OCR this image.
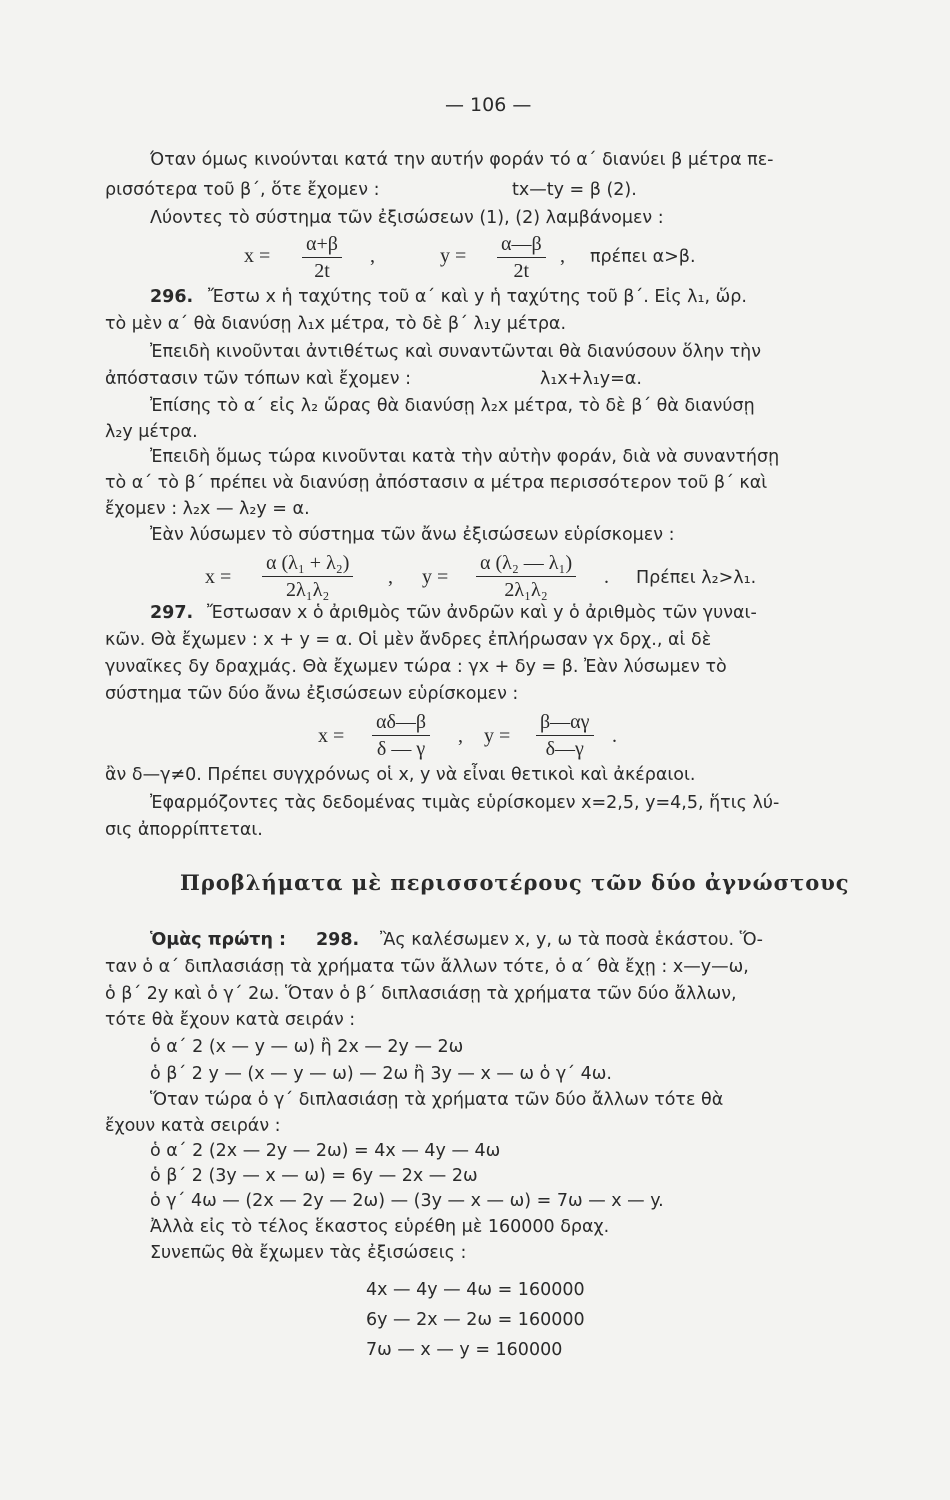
— 106 —
Όταν όμως κινούνται κατά την αυτήν φοράν τό α΄ διανύει β μέτρα πε-
ρισσότερα τοῦ β΄, ὅτε ἔχομεν :	tx—ty = β (2).
Λύοντες τὸ σύστημα τῶν ἐξισώσεων (1), (2) λαμβάνομεν :
$x = \frac{\alpha+\beta}{2t}$ ,	$y = \frac{\alpha—\beta}{2t}$ , πρέπει α>β.
296. Ἔστω x ἡ ταχύτης τοῦ α΄ καὶ y ἡ ταχύτης τοῦ β΄. Εἰς λ₁, ὥρ.
τὸ μὲν α΄ θὰ διανύσῃ λ₁x μέτρα, τὸ δὲ β΄ λ₁y μέτρα.
Ἐπειδὴ κινοῦνται ἀντιθέτως καὶ συναντῶνται θὰ διανύσουν ὅλην τὴν
ἀπόστασιν τῶν τόπων καὶ ἔχομεν :	λ₁x+λ₁y=α.
Ἐπίσης τὸ α΄ εἰς λ₂ ὥρας θὰ διανύσῃ λ₂x μέτρα, τὸ δὲ β΄ θὰ διανύσῃ
λ₂y μέτρα.
Ἐπειδὴ ὅμως τώρα κινοῦνται κατὰ τὴν αὐτὴν φοράν, διὰ νὰ συναντήσῃ
τὸ α΄ τὸ β΄ πρέπει νὰ διανύσῃ ἀπόστασιν α μέτρα περισσότερον τοῦ β΄ καὶ
ἔχομεν : λ₂x — λ₂y = α.
Ἐὰν λύσωμεν τὸ σύστημα τῶν ἄνω ἐξισώσεων εὑρίσκομεν :
$x = \frac{\text{α (λ₁ + λ₂)}}{\text{2λ₁λ₂}}$ , $y = \frac{\text{α (λ₂ — λ₁)}}{\text{2λ₁λ₂}}$ . Πρέπει λ₂>λ₁.
297. Ἔστωσαν x ὁ ἀριθμὸς τῶν ἀνδρῶν καὶ y ὁ ἀριθμὸς τῶν γυναι-
κῶν. Θὰ ἔχωμεν : x + y = α. Οἱ μὲν ἄνδρες ἐπλήρωσαν γx δρχ., αἱ δὲ
γυναῖκες δy δραχμάς. Θὰ ἔχωμεν τώρα : γx + δy = β. Ἐὰν λύσωμεν τὸ
σύστημα τῶν δύο ἄνω ἐξισώσεων εὑρίσκομεν :
$x = \frac{\alpha\delta—\beta}{\delta — \gamma}$ , $y = \frac{\beta—\alpha\gamma}{\delta—\gamma}$ .
ἂν δ—γ≠0. Πρέπει συγχρόνως οἱ x, y νὰ εἶναι θετικοὶ καὶ ἀκέραιοι.
Ἐφαρμόζοντες τὰς δεδομένας τιμὰς εὑρίσκομεν x=2,5, y=4,5, ἥτις λύ-
σις ἀπορρίπτεται.
Προβλήματα μὲ περισσοτέρους τῶν δύο ἀγνώστους
Ὁμὰς πρώτη : 298. Ἂς καλέσωμεν x, y, ω τὰ ποσὰ ἑκάστου. Ὅ-
ταν ὁ α΄ διπλασιάσῃ τὰ χρήματα τῶν ἄλλων τότε, ὁ α΄ θὰ ἔχῃ : x—y—ω,
ὁ β΄ 2y καὶ ὁ γ΄ 2ω. Ὅταν ὁ β΄ διπλασιάσῃ τὰ χρήματα τῶν δύο ἄλλων,
τότε θὰ ἔχουν κατὰ σειράν :
ὁ α΄ 2 (x — y — ω) ἢ 2x — 2y — 2ω
ὁ β΄ 2 y — (x — y — ω) — 2ω ἢ 3y — x — ω ὁ γ΄ 4ω.
Ὅταν τώρα ὁ γ΄ διπλασιάσῃ τὰ χρήματα τῶν δύο ἄλλων τότε θὰ
ἔχουν κατὰ σειράν :
ὁ α΄ 2 (2x — 2y — 2ω) = 4x — 4y — 4ω
ὁ β΄ 2 (3y — x — ω) = 6y — 2x — 2ω
ὁ γ΄ 4ω — (2x — 2y — 2ω) — (3y — x — ω) = 7ω — x — y.
Ἀλλὰ εἰς τὸ τέλος ἕκαστος εὑρέθη μὲ 160000 δραχ.
Συνεπῶς θὰ ἔχωμεν τὰς ἐξισώσεις :
4x — 4y — 4ω = 160000
6y — 2x — 2ω = 160000
7ω — x — y = 160000
